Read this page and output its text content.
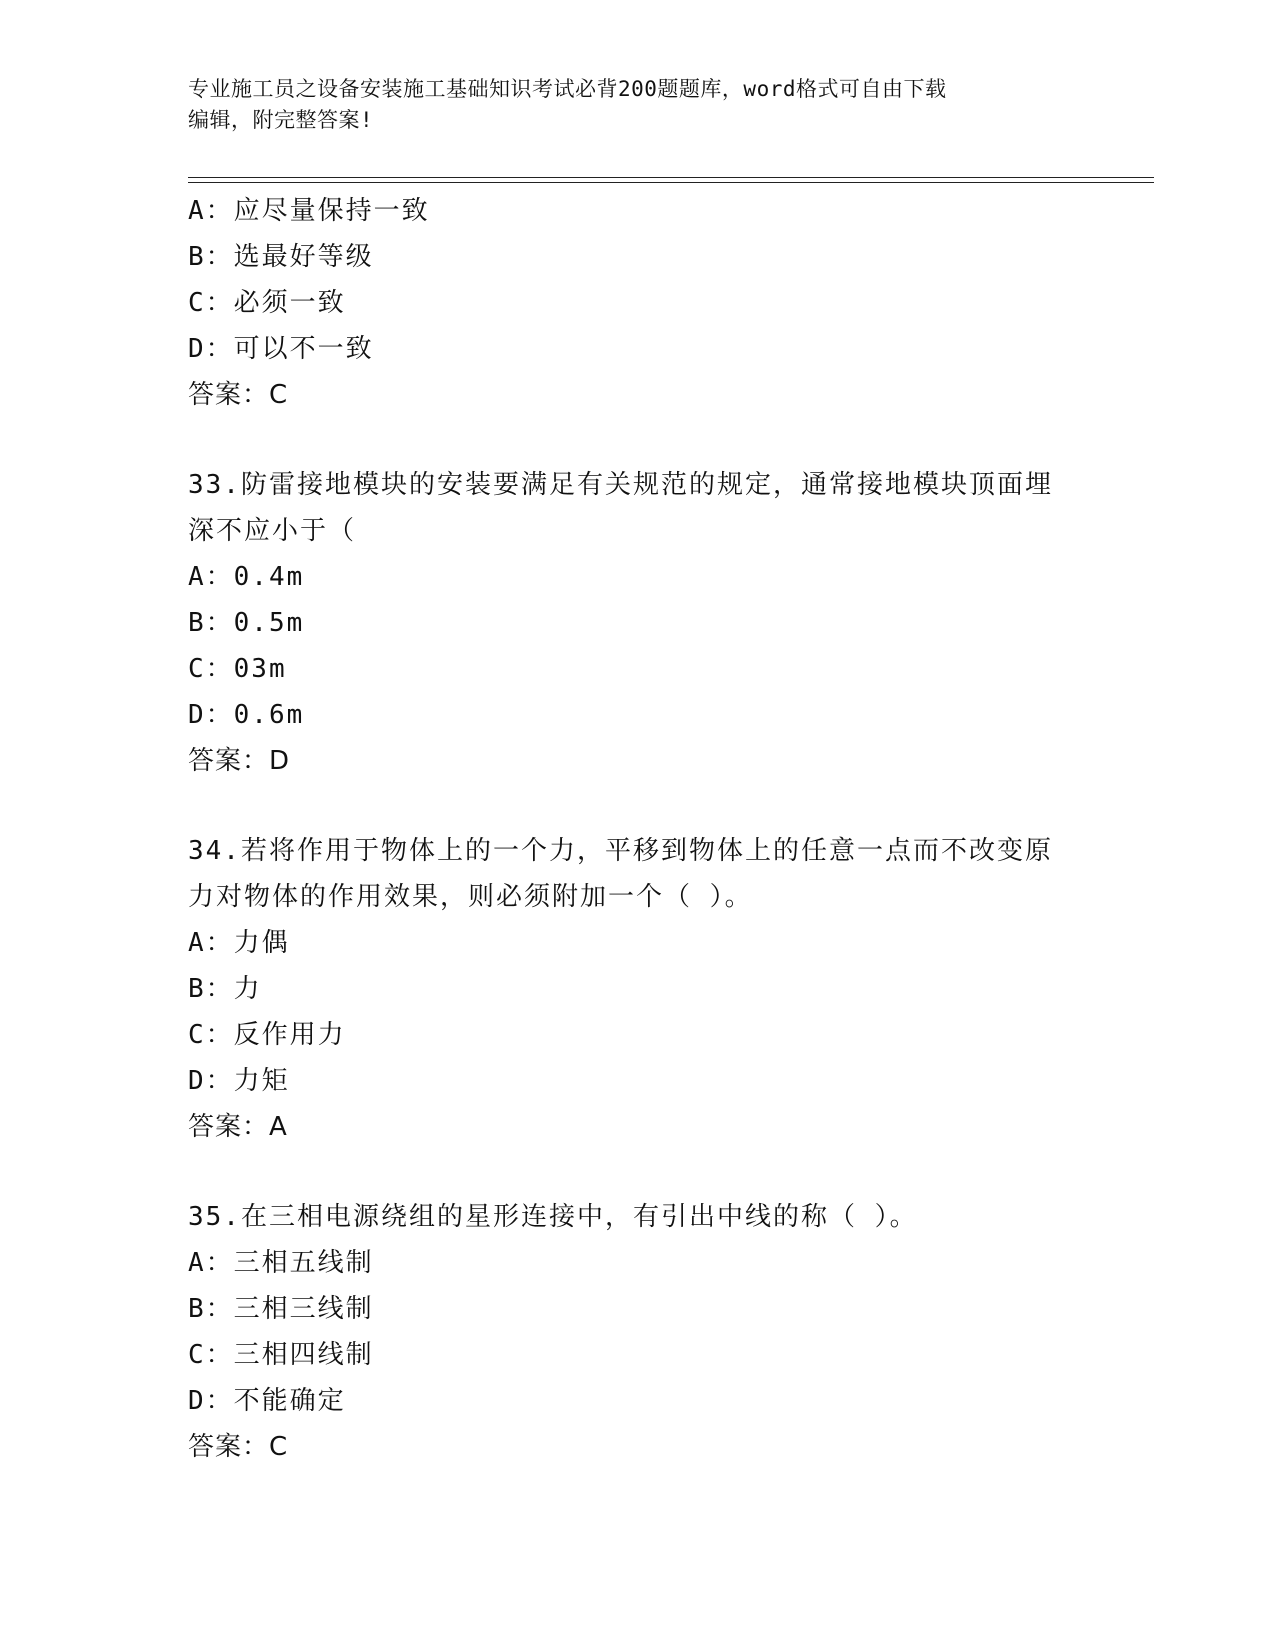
专业施工员之设备安装施工基础知识考试必背200题题库，word格式可自由下载
编辑，附完整答案!
A：应尽量保持一致
B：选最好等级
C：必须一致
D：可以不一致
答案：C
33.防雷接地模块的安装要满足有关规范的规定，通常接地模块顶面埋
深不应小于（
A：0.4m
B：0.5m
C：03m
D：0.6m
答案：D
34.若将作用于物体上的一个力，平移到物体上的任意一点而不改变原
力对物体的作用效果，则必须附加一个（ ）。
A：力偶
B：力
C：反作用力
D：力矩
答案：A
35.在三相电源绕组的星形连接中，有引出中线的称（ ）。
A：三相五线制
B：三相三线制
C：三相四线制
D：不能确定
答案：C
